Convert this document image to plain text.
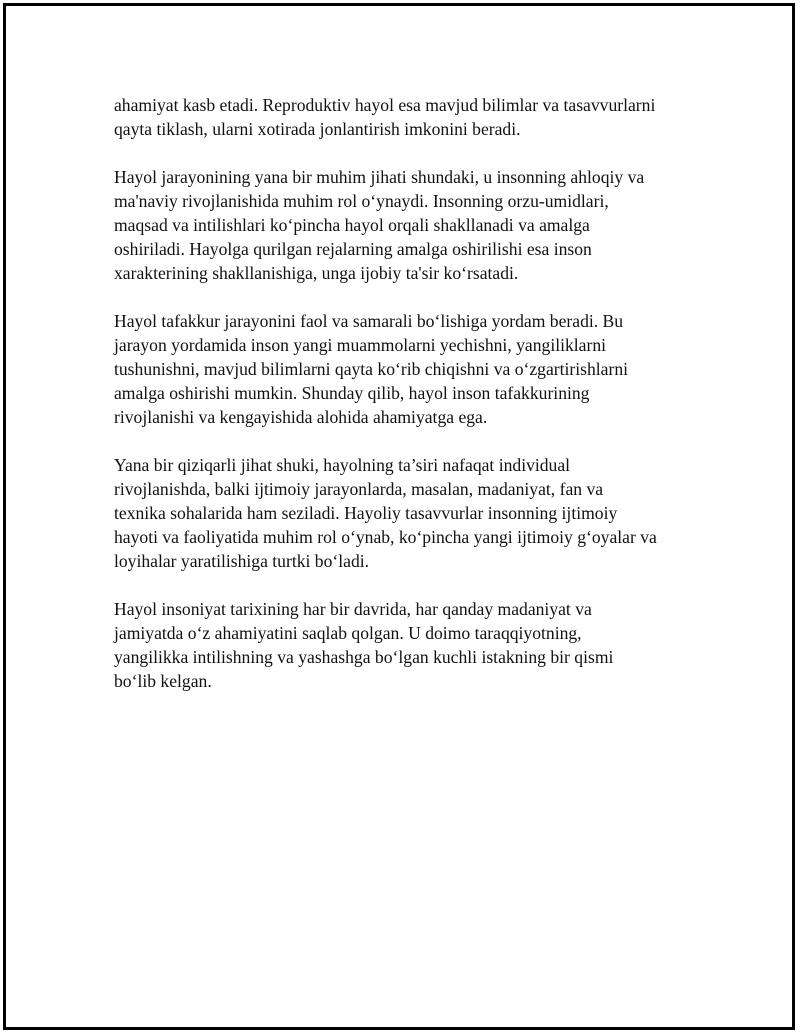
ahamiyat kasb etadi. Reproduktiv hayol esa mavjud bilimlar va tasavvurlarni
qayta tiklash, ularni xotirada jonlantirish imkonini beradi.

Hayol jarayonining yana bir muhim jihati shundaki, u insonning ahloqiy va
ma'naviy rivojlanishida muhim rol o‘ynaydi. Insonning orzu-umidlari,
maqsad va intilishlari ko‘pincha hayol orqali shakllanadi va amalga
oshiriladi. Hayolga qurilgan rejalarning amalga oshirilishi esa inson
xarakterining shakllanishiga, unga ijobiy ta'sir ko‘rsatadi.

Hayol tafakkur jarayonini faol va samarali bo‘lishiga yordam beradi. Bu
jarayon yordamida inson yangi muammolarni yechishni, yangiliklarni
tushunishni, mavjud bilimlarni qayta ko‘rib chiqishni va o‘zgartirishlarni
amalga oshirishi mumkin. Shunday qilib, hayol inson tafakkurining
rivojlanishi va kengayishida alohida ahamiyatga ega.

Yana bir qiziqarli jihat shuki, hayolning ta’siri nafaqat individual
rivojlanishda, balki ijtimoiy jarayonlarda, masalan, madaniyat, fan va
texnika sohalarida ham seziladi. Hayoliy tasavvurlar insonning ijtimoiy
hayoti va faoliyatida muhim rol o‘ynab, ko‘pincha yangi ijtimoiy g‘oyalar va
loyihalar yaratilishiga turtki bo‘ladi.

Hayol insoniyat tarixining har bir davrida, har qanday madaniyat va
jamiyatda o‘z ahamiyatini saqlab qolgan. U doimo taraqqiyotning,
yangilikka intilishning va yashashga bo‘lgan kuchli istakning bir qismi
bo‘lib kelgan.
